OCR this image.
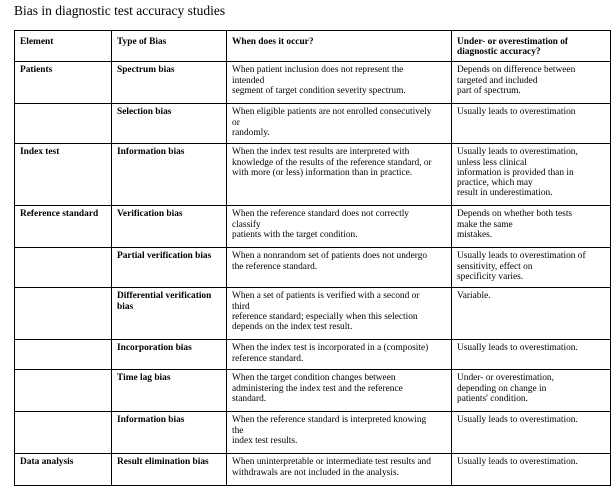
Bias in diagnostic test accuracy studies
Element	Type of Bias	When does it occur?	Under- or overestimation of diagnostic accuracy?
Patients	Spectrum bias	When patient inclusion does not represent the
intended
segment of target condition severity spectrum.	Depends on difference between
targeted and included
part of spectrum.

	Selection bias	When eligible patients are not enrolled consecutively
or
randomly.	Usually leads to overestimation

Index test	Information bias	When the index test results are interpreted with
knowledge of the results of the reference standard, or
with more (or less) information than in practice.	Usually leads to overestimation,
unless less clinical
information is provided than in
practice, which may
result in underestimation.

Reference standard	Verification bias	When the reference standard does not correctly
classify
patients with the target condition.	Depends on whether both tests
make the same
mistakes.

	Partial verification bias	When a nonrandom set of patients does not undergo
the reference standard.	Usually leads to overestimation of
sensitivity, effect on
specificity varies.

	Differential verification bias	When a set of patients is verified with a second or
third
reference standard; especially when this selection
depends on the index test result.	Variable.

	Incorporation bias	When the index test is incorporated in a (composite)
reference standard.	Usually leads to overestimation.

	Time lag bias	When the target condition changes between
administering the index test and the reference
standard.	Under- or overestimation,
depending on change in
patients' condition.

	Information bias	When the reference standard is interpreted knowing
the
index test results.	Usually leads to overestimation.

Data analysis	Result elimination bias	When uninterpretable or intermediate test results and
withdrawals are not included in the analysis.	Usually leads to overestimation.
